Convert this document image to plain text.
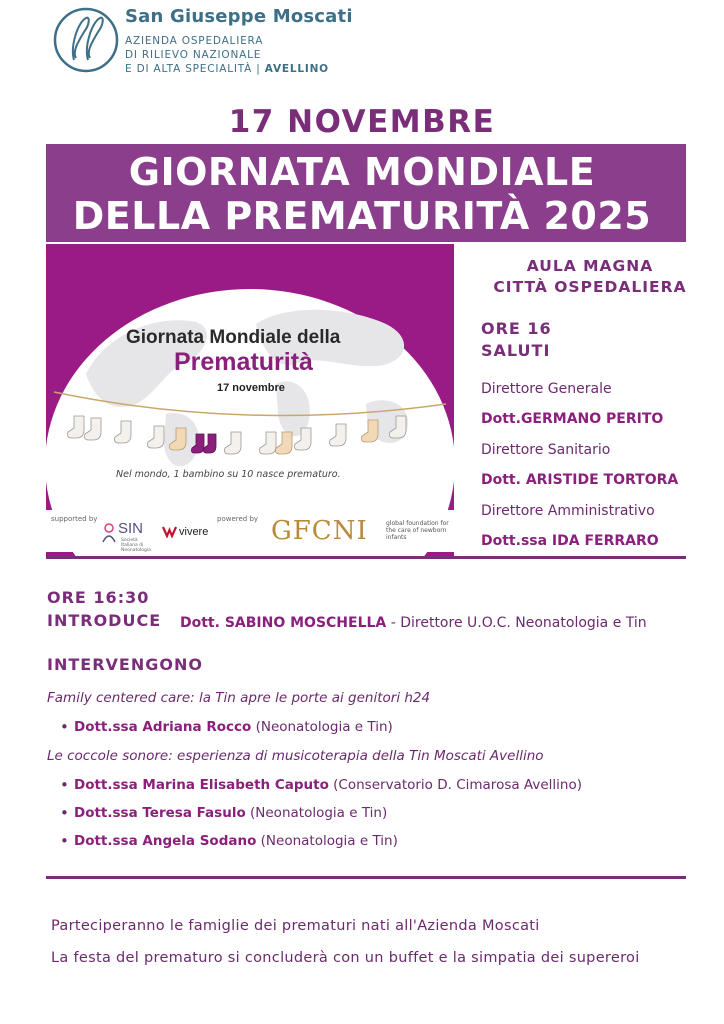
San Giuseppe Moscati
AZIENDA OSPEDALIERA
DI RILIEVO NAZIONALE
E DI ALTA SPECIALITÀ | AVELLINO
17 NOVEMBRE
GIORNATA MONDIALE
DELLA PREMATURITÀ 2025
Giornata Mondiale della
Prematurità
17 novembre
Nel mondo, 1 bambino su 10 nasce prematuro.
supported by
SIN
Società Italiana di Neonatologia
vivere
powered by GFCNI	global foundation for the care of newborn infants
AULA MAGNA
CITTÀ OSPEDALIERA
ORE 16
SALUTI
Direttore Generale
Dott.GERMANO PERITO
Direttore Sanitario
Dott. ARISTIDE TORTORA
Direttore Amministrativo
Dott.ssa IDA FERRARO
ORE 16:30
INTRODUCE Dott. SABINO MOSCHELLA - Direttore U.O.C. Neonatologia e Tin
INTERVENGONO
Family centered care: la Tin apre le porte ai genitori h24
• Dott.ssa Adriana Rocco (Neonatologia e Tin)
Le coccole sonore: esperienza di musicoterapia della Tin Moscati Avellino
• Dott.ssa Marina Elisabeth Caputo (Conservatorio D. Cimarosa Avellino)
• Dott.ssa Teresa Fasulo (Neonatologia e Tin)
• Dott.ssa Angela Sodano (Neonatologia e Tin)
Parteciperanno le famiglie dei prematuri nati all'Azienda Moscati
La festa del prematuro si concluderà con un buffet e la simpatia dei supereroi
